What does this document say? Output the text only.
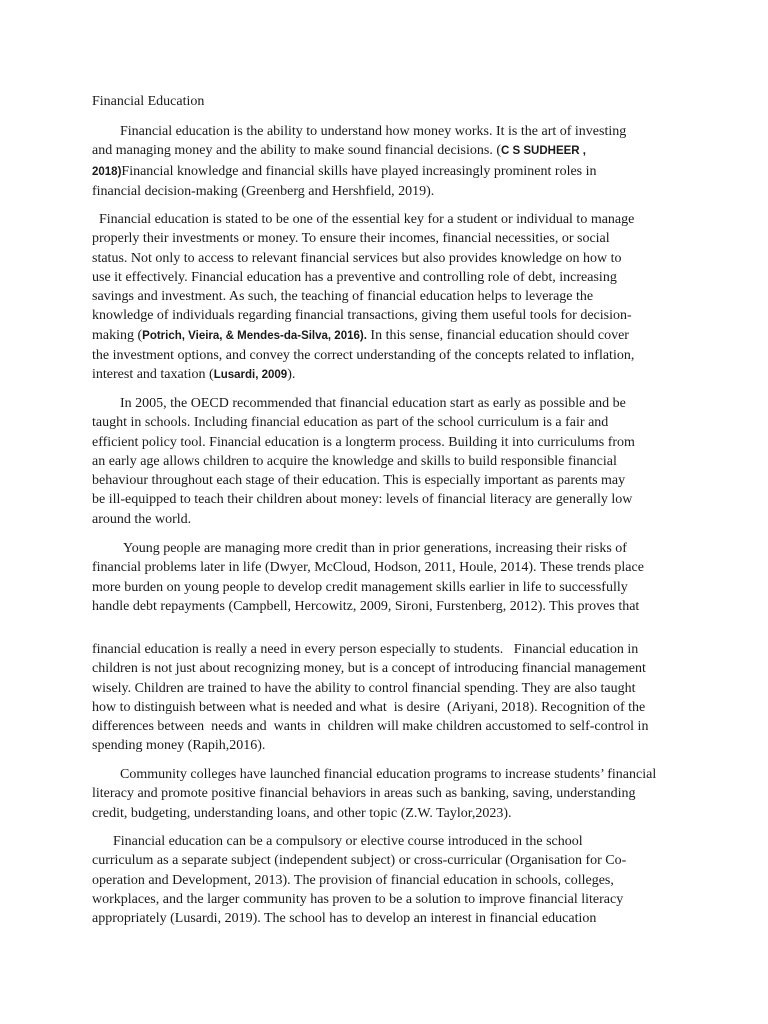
Financial Education
Financial education is the ability to understand how money works. It is the art of investing
and managing money and the ability to make sound financial decisions. (C S SUDHEER ,
2018)Financial knowledge and financial skills have played increasingly prominent roles in
financial decision-making (Greenberg and Hershfield, 2019).
Financial education is stated to be one of the essential key for a student or individual to manage
properly their investments or money. To ensure their incomes, financial necessities, or social
status. Not only to access to relevant financial services but also provides knowledge on how to
use it effectively. Financial education has a preventive and controlling role of debt, increasing
savings and investment. As such, the teaching of financial education helps to leverage the
knowledge of individuals regarding financial transactions, giving them useful tools for decision-
making (Potrich, Vieira, & Mendes-da-Silva, 2016). In this sense, financial education should cover
the investment options, and convey the correct understanding of the concepts related to inflation,
interest and taxation (Lusardi, 2009).
In 2005, the OECD recommended that financial education start as early as possible and be
taught in schools. Including financial education as part of the school curriculum is a fair and
efficient policy tool. Financial education is a longterm process. Building it into curriculums from
an early age allows children to acquire the knowledge and skills to build responsible financial
behaviour throughout each stage of their education. This is especially important as parents may
be ill-equipped to teach their children about money: levels of financial literacy are generally low
around the world.
Young people are managing more credit than in prior generations, increasing their risks of
financial problems later in life (Dwyer, McCloud, Hodson, 2011, Houle, 2014). These trends place
more burden on young people to develop credit management skills earlier in life to successfully
handle debt repayments (Campbell, Hercowitz, 2009, Sironi, Furstenberg, 2012). This proves that
financial education is really a need in every person especially to students.   Financial education in
children is not just about recognizing money, but is a concept of introducing financial management
wisely. Children are trained to have the ability to control financial spending. They are also taught
how to distinguish between what is needed and what  is desire  (Ariyani, 2018). Recognition of the
differences between  needs and  wants in  children will make children accustomed to self-control in
spending money (Rapih,2016).
Community colleges have launched financial education programs to increase students’ financial
literacy and promote positive financial behaviors in areas such as banking, saving, understanding
credit, budgeting, understanding loans, and other topic (Z.W. Taylor,2023).
Financial education can be a compulsory or elective course introduced in the school
curriculum as a separate subject (independent subject) or cross-curricular (Organisation for Co-
operation and Development, 2013). The provision of financial education in schools, colleges,
workplaces, and the larger community has proven to be a solution to improve financial literacy
appropriately (Lusardi, 2019). The school has to develop an interest in financial education
